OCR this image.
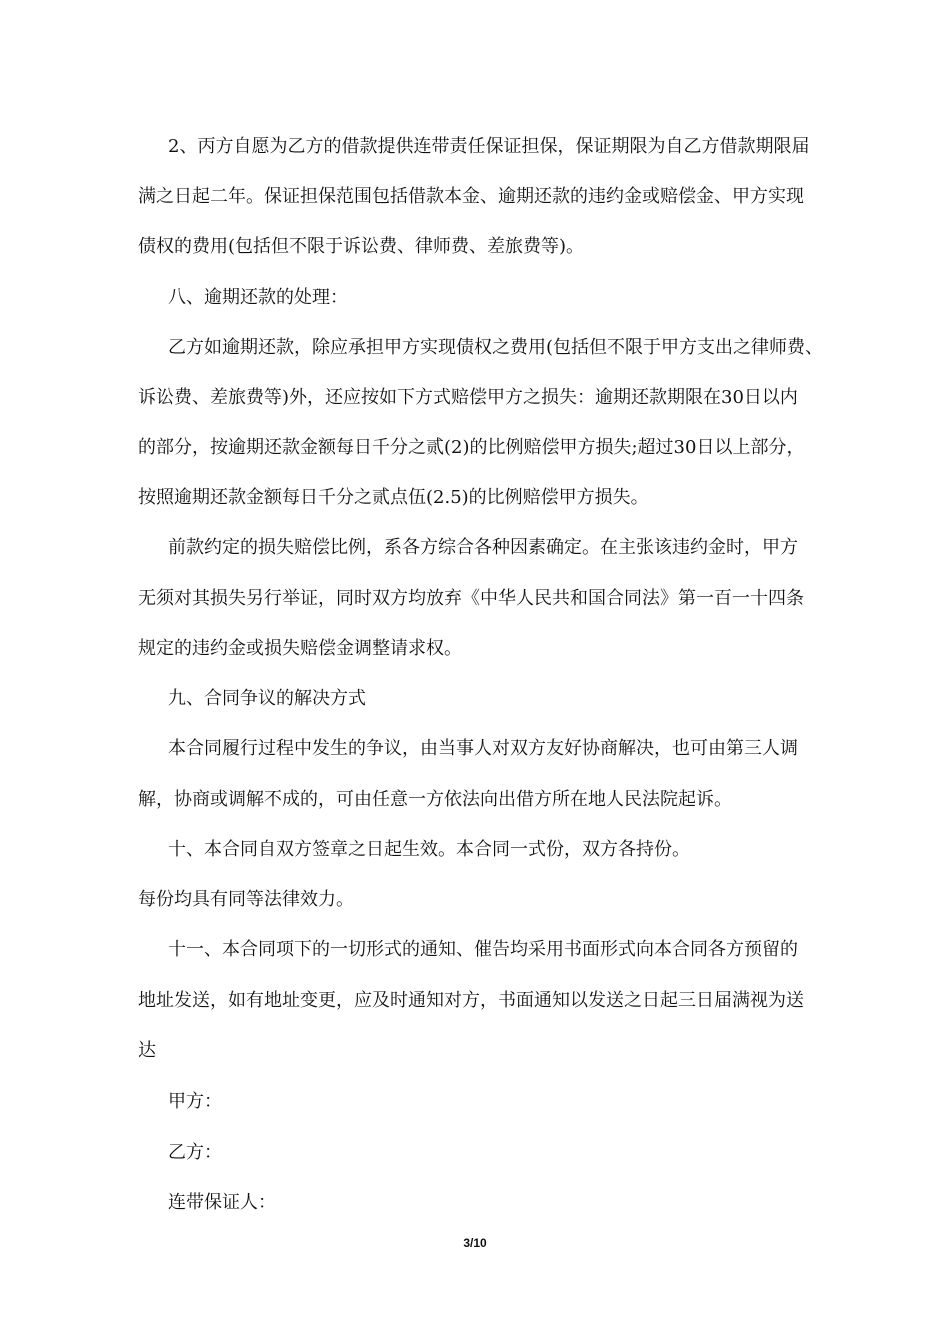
2、丙方自愿为乙方的借款提供连带责任保证担保，保证期限为自乙方借款期限届

满之日起二年。保证担保范围包括借款本金、逾期还款的违约金或赔偿金、甲方实现

债权的费用(包括但不限于诉讼费、律师费、差旅费等)。

八、逾期还款的处理：

乙方如逾期还款，除应承担甲方实现债权之费用(包括但不限于甲方支出之律师费、

诉讼费、差旅费等)外，还应按如下方式赔偿甲方之损失：逾期还款期限在30日以内

的部分，按逾期还款金额每日千分之贰(2)的比例赔偿甲方损失;超过30日以上部分，

按照逾期还款金额每日千分之贰点伍(2.5)的比例赔偿甲方损失。

前款约定的损失赔偿比例，系各方综合各种因素确定。在主张该违约金时，甲方

无须对其损失另行举证，同时双方均放弃《中华人民共和国合同法》第一百一十四条

规定的违约金或损失赔偿金调整请求权。

九、合同争议的解决方式

本合同履行过程中发生的争议，由当事人对双方友好协商解决，也可由第三人调

解，协商或调解不成的，可由任意一方依法向出借方所在地人民法院起诉。

十、本合同自双方签章之日起生效。本合同一式份，双方各持份。

每份均具有同等法律效力。

十一、本合同项下的一切形式的通知、催告均采用书面形式向本合同各方预留的

地址发送，如有地址变更，应及时通知对方，书面通知以发送之日起三日届满视为送

达

甲方：

乙方：

连带保证人：

3/10
